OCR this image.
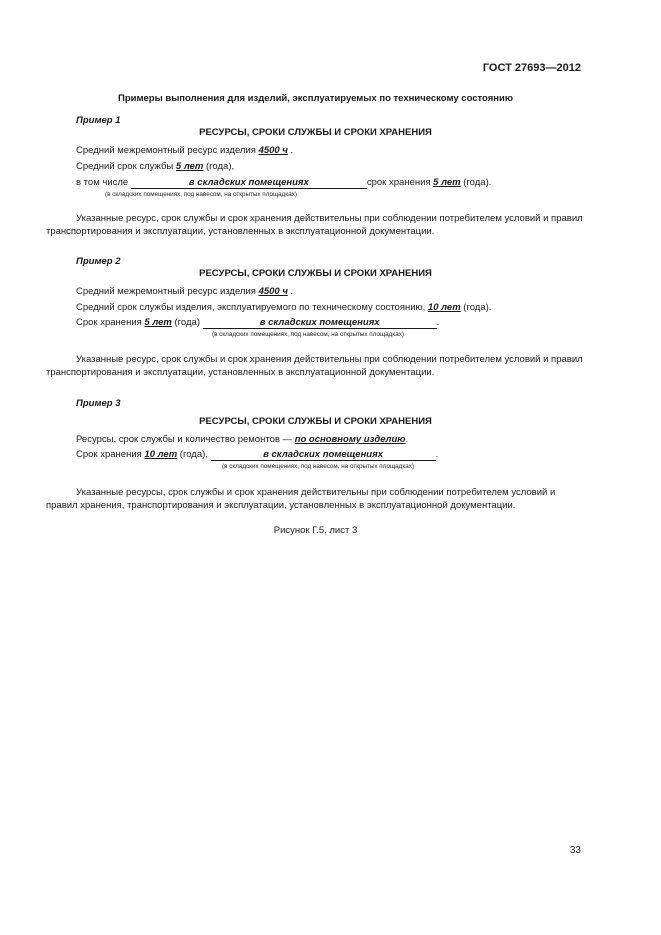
ГОСТ 27693—2012
Примеры выполнения для изделий, эксплуатируемых по техническому состоянию
Пример 1
РЕСУРСЫ, СРОКИ СЛУЖБЫ И СРОКИ ХРАНЕНИЯ
Средний межремонтный ресурс изделия 4500 ч .
Средний срок службы 5 лет (года),
в том числе	в складских помещениях	срок хранения 5 лет (года).
(в складских помещениях, под навесом, на открытых площадках)
Указанные ресурс, срок службы и срок хранения действительны при соблюдении потребителем условий и правил транспортирования и эксплуатации, установленных в эксплуатационной документации.
Пример 2
РЕСУРСЫ, СРОКИ СЛУЖБЫ И СРОКИ ХРАНЕНИЯ
Средний межремонтный ресурс изделия 4500 ч .
Средний срок службы изделия, эксплуатируемого по техническому состоянию, 10 лет (года).
Срок хранения 5 лет (года)	в складских помещениях	.
(в складских помещениях, под навесом, на открытых площадках)
Указанные ресурс, срок службы и срок хранения действительны при соблюдении потребителем условий и правил транспортирования и эксплуатации, установленных в эксплуатационной документации.
Пример 3
РЕСУРСЫ, СРОКИ СЛУЖБЫ И СРОКИ ХРАНЕНИЯ
Ресурсы, срок службы и количество ремонтов — по основному изделию.
Срок хранения 10 лет (года),	в складских помещениях	.
(в складских помещениях, под навесом, на открытых площадках)
Указанные ресурсы, срок службы и срок хранения действительны при соблюдении потребителем условий и правил хранения, транспортирования и эксплуатации, установленных в эксплуатационной документации.
Рисунок Г.5, лист 3
33
